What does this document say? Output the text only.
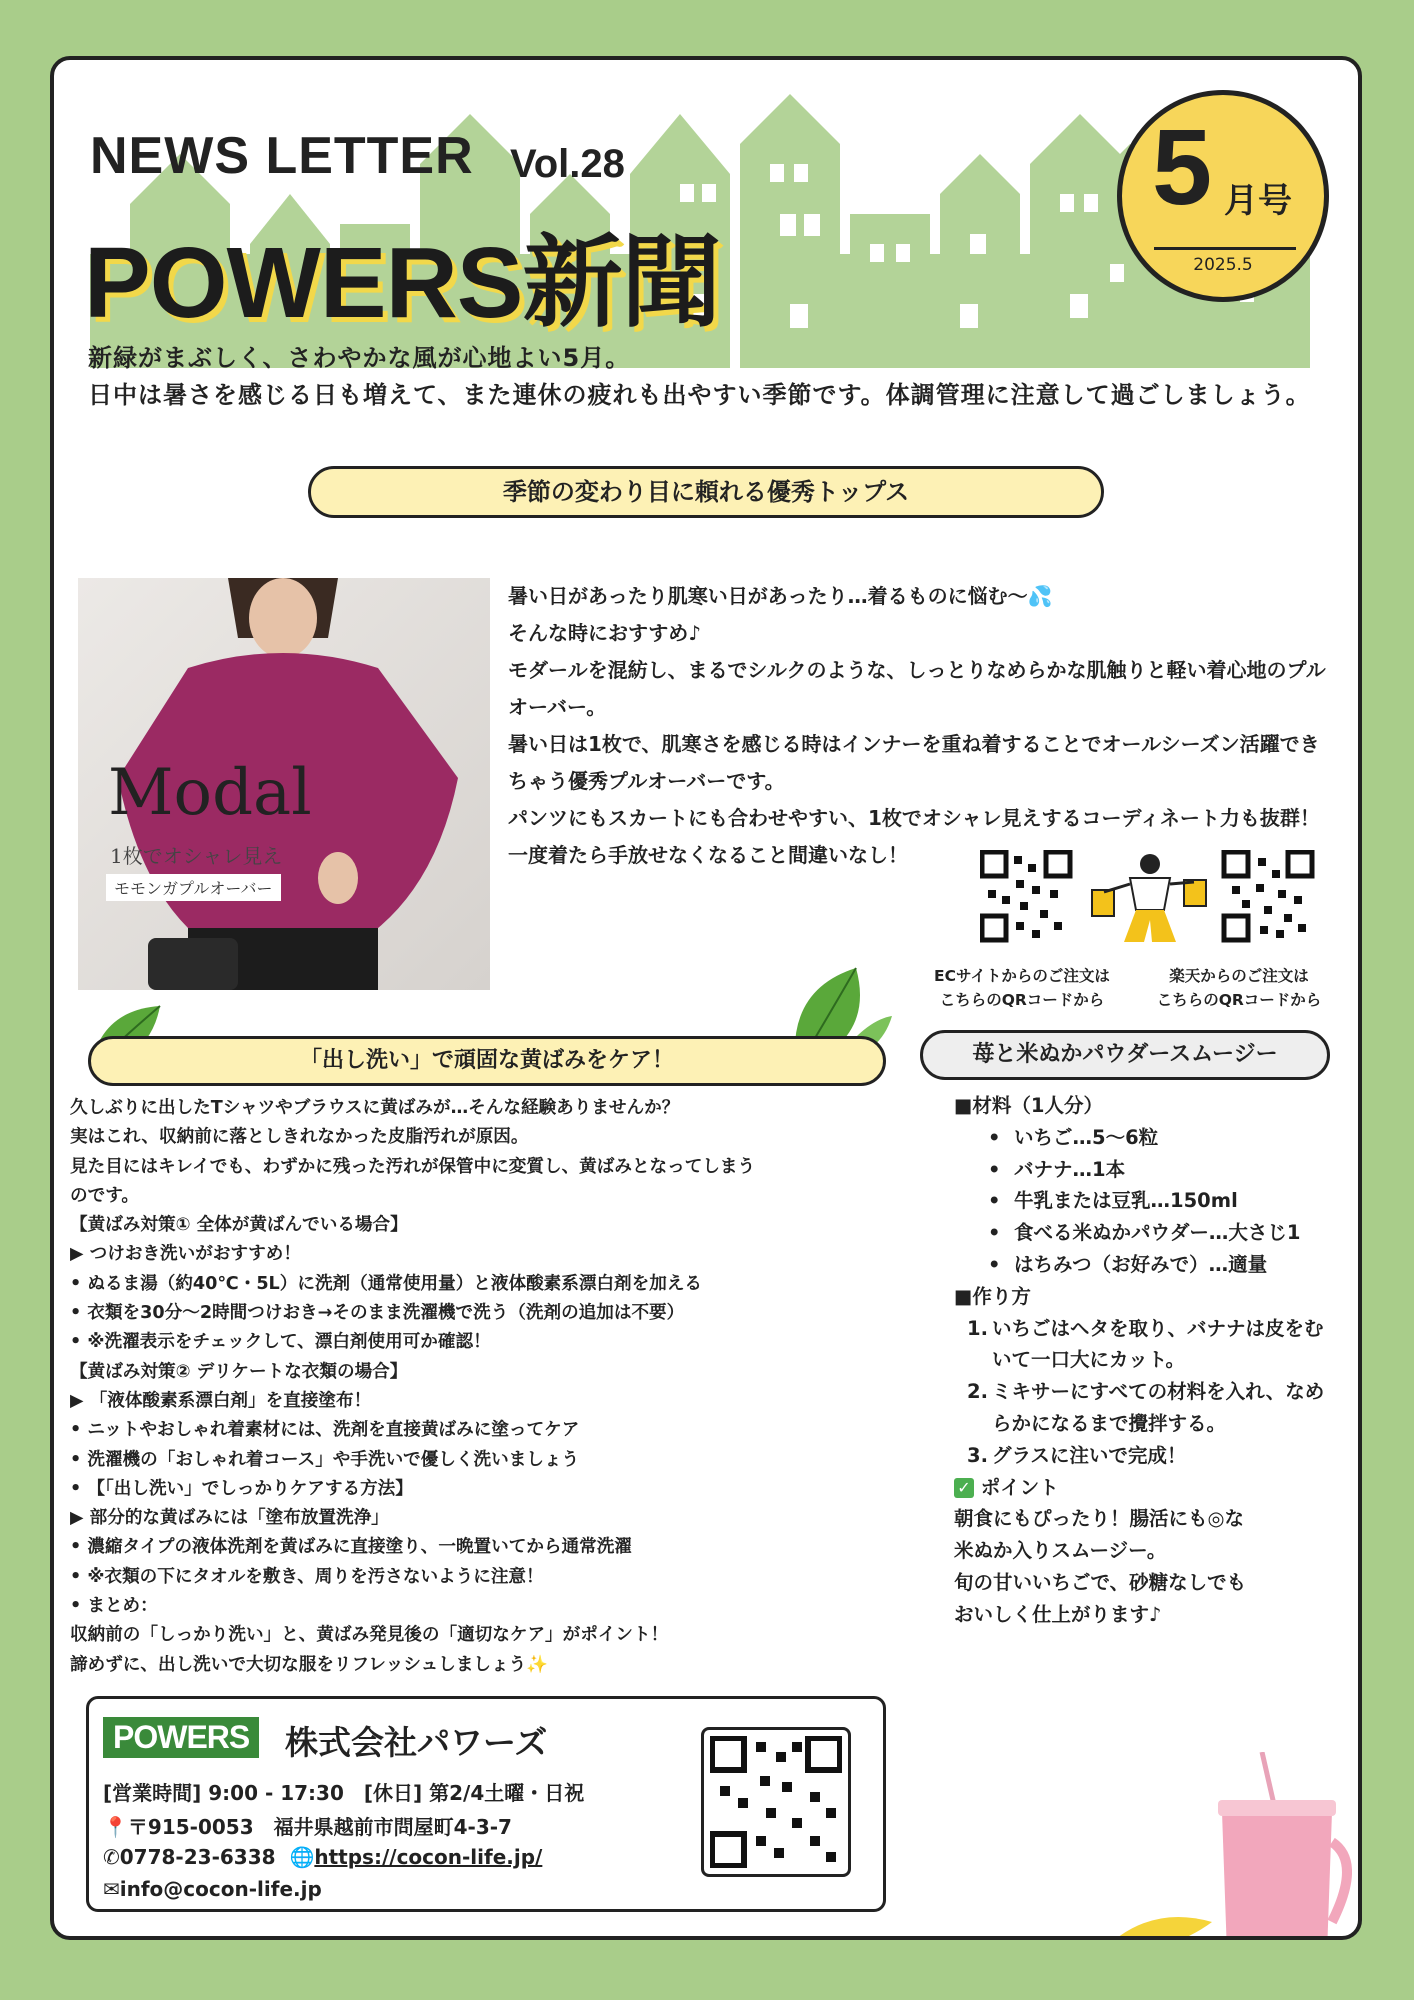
NEWS LETTER Vol.28
POWERS新聞
5 月号
2025.5
新緑がまぶしく、さわやかな風が心地よい5月。
日中は暑さを感じる日も増えて、また連休の疲れも出やすい季節です。体調管理に注意して過ごしましょう。
季節の変わり目に頼れる優秀トップス
Modal
1枚でオシャレ見え
モモンガプルオーバー

暑い日があったり肌寒い日があったり…着るものに悩む〜💦

そんな時におすすめ♪

モダールを混紡し、まるでシルクのような、しっとりなめらかな肌触りと軽い着心地のプルオーバー。

暑い日は1枚で、肌寒さを感じる時はインナーを重ね着することでオールシーズン活躍できちゃう優秀プルオーバーです。

パンツにもスカートにも合わせやすい、1枚でオシャレ見えするコーディネート力も抜群！

一度着たら手放せなくなること間違いなし！

ECサイトからのご注文は
こちらのQRコードから
楽天からのご注文は
こちらのQRコードから
「出し洗い」で頑固な黄ばみをケア！	苺と米ぬかパウダースムージー
久しぶりに出したTシャツやブラウスに黄ばみが…そんな経験ありませんか？
実はこれ、収納前に落としきれなかった皮脂汚れが原因。
見た目にはキレイでも、わずかに残った汚れが保管中に変質し、黄ばみとなってしまう
のです。
【黄ばみ対策① 全体が黄ばんでいる場合】
▶ つけおき洗いがおすすめ！
• ぬるま湯（約40℃・5L）に洗剤（通常使用量）と液体酸素系漂白剤を加える
• 衣類を30分〜2時間つけおき→そのまま洗濯機で洗う（洗剤の追加は不要）
• ※洗濯表示をチェックして、漂白剤使用可か確認！
【黄ばみ対策② デリケートな衣類の場合】
▶ 「液体酸素系漂白剤」を直接塗布！
• ニットやおしゃれ着素材には、洗剤を直接黄ばみに塗ってケア
• 洗濯機の「おしゃれ着コース」や手洗いで優しく洗いましょう
• 【「出し洗い」でしっかりケアする方法】
▶ 部分的な黄ばみには「塗布放置洗浄」
• 濃縮タイプの液体洗剤を黄ばみに直接塗り、一晩置いてから通常洗濯
• ※衣類の下にタオルを敷き、周りを汚さないように注意！
• まとめ：
収納前の「しっかり洗い」と、黄ばみ発見後の「適切なケア」がポイント！
諦めずに、出し洗いで大切な服をリフレッシュしましょう✨
■材料（1人分）
•  いちご…5〜6粒
•  バナナ…1本
•  牛乳または豆乳…150ml
•  食べる米ぬかパウダー…大さじ1
•  はちみつ（お好みで）…適量
■作り方
1. いちごはヘタを取り、バナナは皮をむいて一口大にカット。
2. ミキサーにすべての材料を入れ、なめらかになるまで攪拌する。
3. グラスに注いで完成！
✓ ポイント
朝食にもぴったり！腸活にも◎な
米ぬか入りスムージー。
旬の甘いいちごで、砂糖なしでも
おいしく仕上がります♪
POWERS	株式会社パワーズ
[営業時間] 9:00 - 17:30　[休日] 第2/4土曜・日祝
📍〒915-0053　福井県越前市問屋町4-3-7
✆0778-23-6338 🌐https://cocon-life.jp/
✉info@cocon-life.jp
